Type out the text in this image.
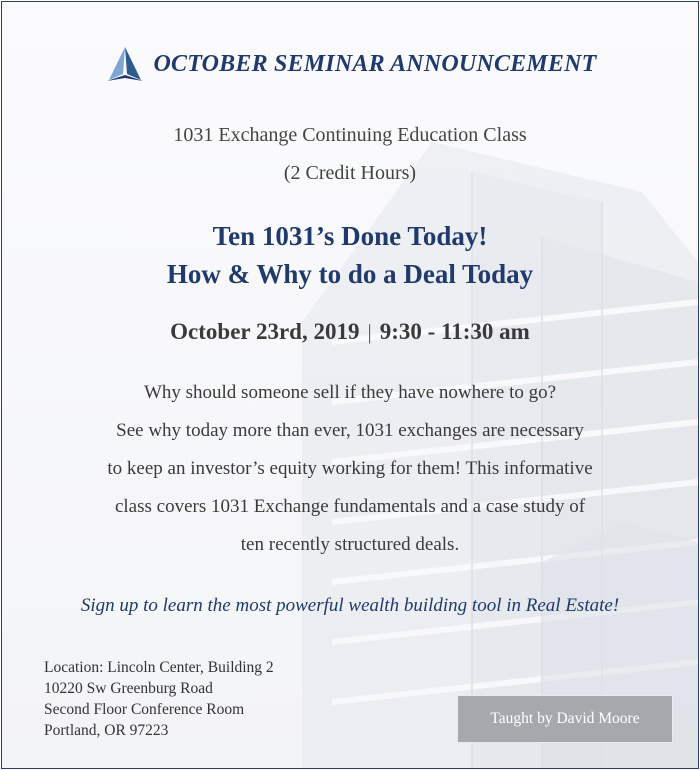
OCTOBER SEMINAR ANNOUNCEMENT
1031 Exchange Continuing Education Class
(2 Credit Hours)
Ten 1031’s Done Today!
How & Why to do a Deal Today
October 23rd, 2019 | 9:30 - 11:30 am
Why should someone sell if they have nowhere to go?
See why today more than ever, 1031 exchanges are necessary
to keep an investor’s equity working for them! This informative
class covers 1031 Exchange fundamentals and a case study of
ten recently structured deals.
Sign up to learn the most powerful wealth building tool in Real Estate!
Location: Lincoln Center, Building 2
10220 Sw Greenburg Road
Second Floor Conference Room
Portland, OR 97223
Taught by David Moore
